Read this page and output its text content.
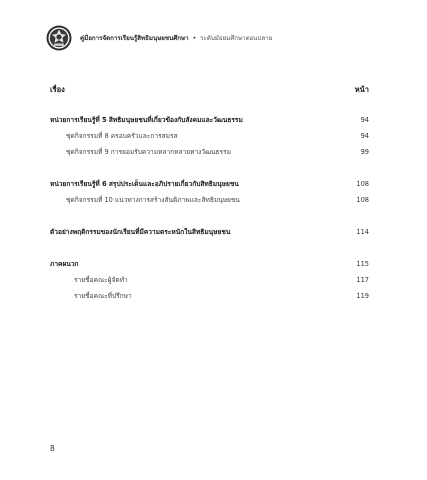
คู่มือการจัดการเรียนรู้สิทธิมนุษยชนศึกษา • ระดับมัธยมศึกษาตอนปลาย
เรื่อง	หน้า
หน่วยการเรียนรู้ที่ 5 สิทธิมนุษยชนที่เกี่ยวข้องกับสังคมและวัฒนธรรม	94
ชุดกิจกรรมที่ 8 ครอบครัวและการสมรส	94
ชุดกิจกรรมที่ 9 การยอมรับความหลากหลายทางวัฒนธรรม	99
หน่วยการเรียนรู้ที่ 6 สรุปประเด็นและอภิปรายเกี่ยวกับสิทธิมนุษยชน	108
ชุดกิจกรรมที่ 10 แนวทางการสร้างสันติภาพและสิทธิมนุษยชน	108
ตัวอย่างพฤติกรรมของนักเรียนที่มีความตระหนักในสิทธิมนุษยชน	114
ภาคผนวก	115
รายชื่อคณะผู้จัดทำ	117
รายชื่อคณะที่ปรึกษา	119
8
